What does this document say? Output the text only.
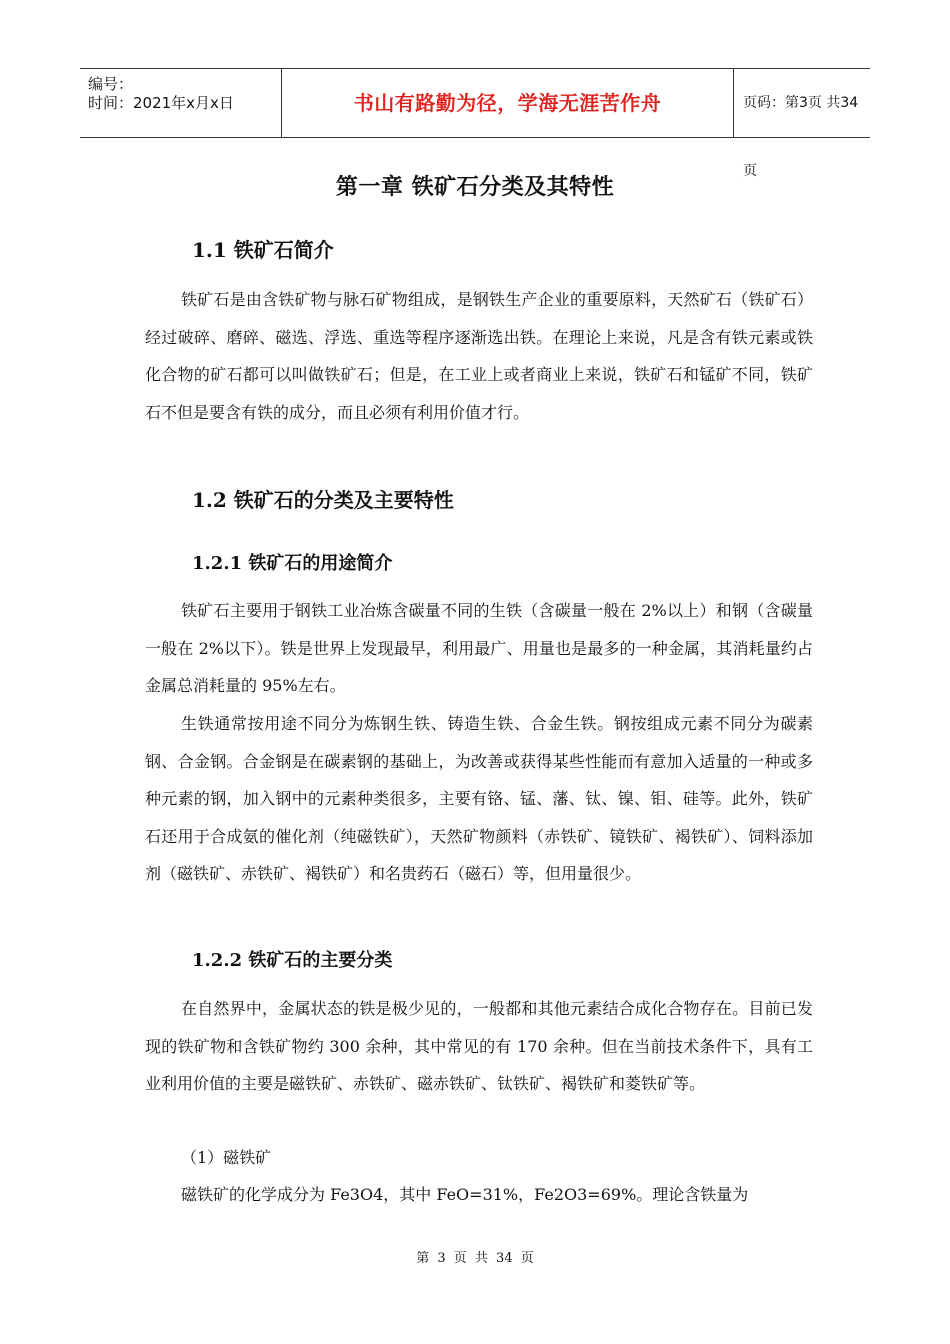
编号：
时间：2021年x月x日	书山有路勤为径，学海无涯苦作舟	页码：第3页 共34页
第一章 铁矿石分类及其特性
1.1 铁矿石简介

铁矿石是由含铁矿物与脉石矿物组成，是钢铁生产企业的重要原料，天然矿石（铁矿石）经过破碎、磨碎、磁选、浮选、重选等程序逐渐选出铁。在理论上来说，凡是含有铁元素或铁化合物的矿石都可以叫做铁矿石；但是，在工业上或者商业上来说，铁矿石和锰矿不同，铁矿石不但是要含有铁的成分，而且必须有利用价值才行。

1.2 铁矿石的分类及主要特性
1.2.1 铁矿石的用途简介

铁矿石主要用于钢铁工业冶炼含碳量不同的生铁（含碳量一般在 2%以上）和钢（含碳量一般在 2%以下）。铁是世界上发现最早，利用最广、用量也是最多的一种金属，其消耗量约占金属总消耗量的 95%左右。

生铁通常按用途不同分为炼钢生铁、铸造生铁、合金生铁。钢按组成元素不同分为碳素钢、合金钢。合金钢是在碳素钢的基础上，为改善或获得某些性能而有意加入适量的一种或多种元素的钢，加入钢中的元素种类很多，主要有铬、锰、藩、钛、镍、钼、硅等。此外，铁矿石还用于合成氨的催化剂（纯磁铁矿），天然矿物颜料（赤铁矿、镜铁矿、褐铁矿）、饲料添加剂（磁铁矿、赤铁矿、褐铁矿）和名贵药石（磁石）等，但用量很少。

1.2.2 铁矿石的主要分类

在自然界中，金属状态的铁是极少见的，一般都和其他元素结合成化合物存在。目前已发现的铁矿物和含铁矿物约 300 余种，其中常见的有 170 余种。但在当前技术条件下，具有工业利用价值的主要是磁铁矿、赤铁矿、磁赤铁矿、钛铁矿、褐铁矿和菱铁矿等。

（1）磁铁矿

磁铁矿的化学成分为 Fe3O4，其中 FeO=31%，Fe2O3=69%。理论含铁量为

第 3 页 共 34 页
